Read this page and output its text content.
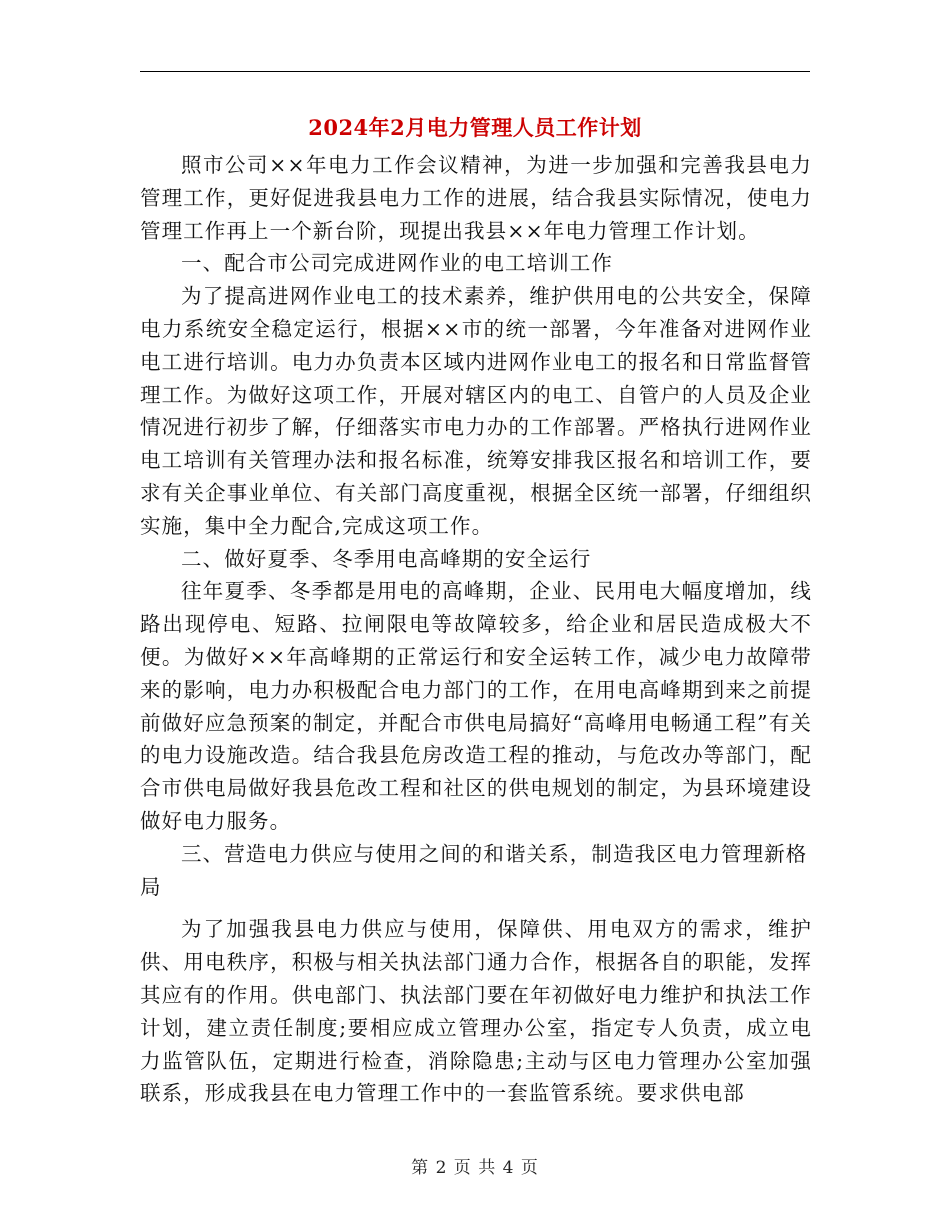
2024年2月电力管理人员工作计划

照市公司××年电力工作会议精神，为进一步加强和完善我县电力管理工作，更好促进我县电力工作的进展，结合我县实际情况，使电力管理工作再上一个新台阶，现提出我县××年电力管理工作计划。

一、配合市公司完成进网作业的电工培训工作

为了提高进网作业电工的技术素养，维护供用电的公共安全，保障电力系统安全稳定运行，根据××市的统一部署，今年准备对进网作业电工进行培训。电力办负责本区域内进网作业电工的报名和日常监督管理工作。为做好这项工作，开展对辖区内的电工、自管户的人员及企业情况进行初步了解，仔细落实市电力办的工作部署。严格执行进网作业电工培训有关管理办法和报名标准，统筹安排我区报名和培训工作，要求有关企事业单位、有关部门高度重视，根据全区统一部署，仔细组织实施，集中全力配合,完成这项工作。

二、做好夏季、冬季用电高峰期的安全运行

往年夏季、冬季都是用电的高峰期，企业、民用电大幅度增加，线路出现停电、短路、拉闸限电等故障较多，给企业和居民造成极大不便。为做好××年高峰期的正常运行和安全运转工作，减少电力故障带来的影响，电力办积极配合电力部门的工作，在用电高峰期到来之前提前做好应急预案的制定，并配合市供电局搞好“高峰用电畅通工程”有关的电力设施改造。结合我县危房改造工程的推动，与危改办等部门，配合市供电局做好我县危改工程和社区的供电规划的制定，为县环境建设做好电力服务。

三、营造电力供应与使用之间的和谐关系，制造我区电力管理新格局

为了加强我县电力供应与使用，保障供、用电双方的需求，维护供、用电秩序，积极与相关执法部门通力合作，根据各自的职能，发挥其应有的作用。供电部门、执法部门要在年初做好电力维护和执法工作计划，建立责任制度;要相应成立管理办公室，指定专人负责，成立电力监管队伍，定期进行检查，消除隐患;主动与区电力管理办公室加强联系，形成我县在电力管理工作中的一套监管系统。要求供电部

第 2 页 共 4 页
